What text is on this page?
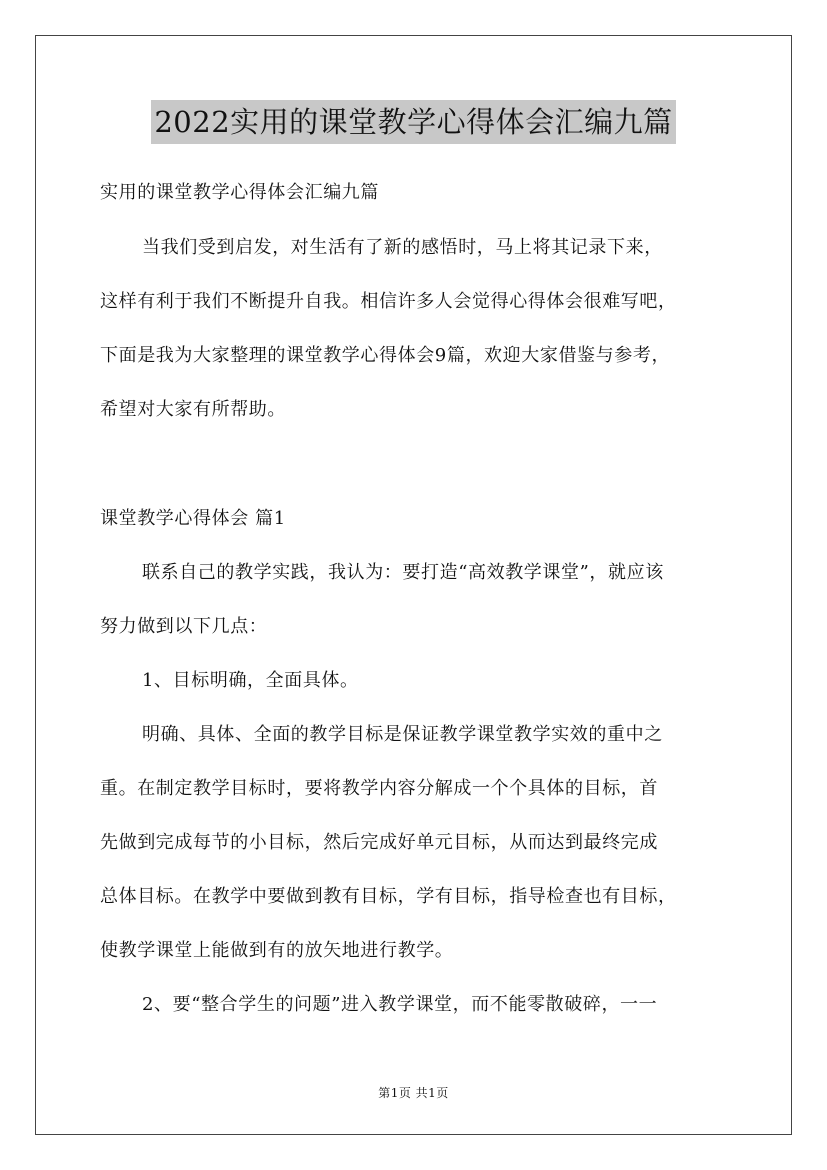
2022实用的课堂教学心得体会汇编九篇
实用的课堂教学心得体会汇编九篇
当我们受到启发，对生活有了新的感悟时，马上将其记录下来，
这样有利于我们不断提升自我。相信许多人会觉得心得体会很难写吧，
下面是我为大家整理的课堂教学心得体会9篇，欢迎大家借鉴与参考，
希望对大家有所帮助。
课堂教学心得体会 篇1
联系自己的教学实践，我认为：要打造“高效教学课堂”，就应该
努力做到以下几点：
1、目标明确，全面具体。
明确、具体、全面的教学目标是保证教学课堂教学实效的重中之
重。在制定教学目标时，要将教学内容分解成一个个具体的目标，首
先做到完成每节的小目标，然后完成好单元目标，从而达到最终完成
总体目标。在教学中要做到教有目标，学有目标，指导检查也有目标，
使教学课堂上能做到有的放矢地进行教学。
2、要“整合学生的问题”进入教学课堂，而不能零散破碎，一一
第1页 共1页
